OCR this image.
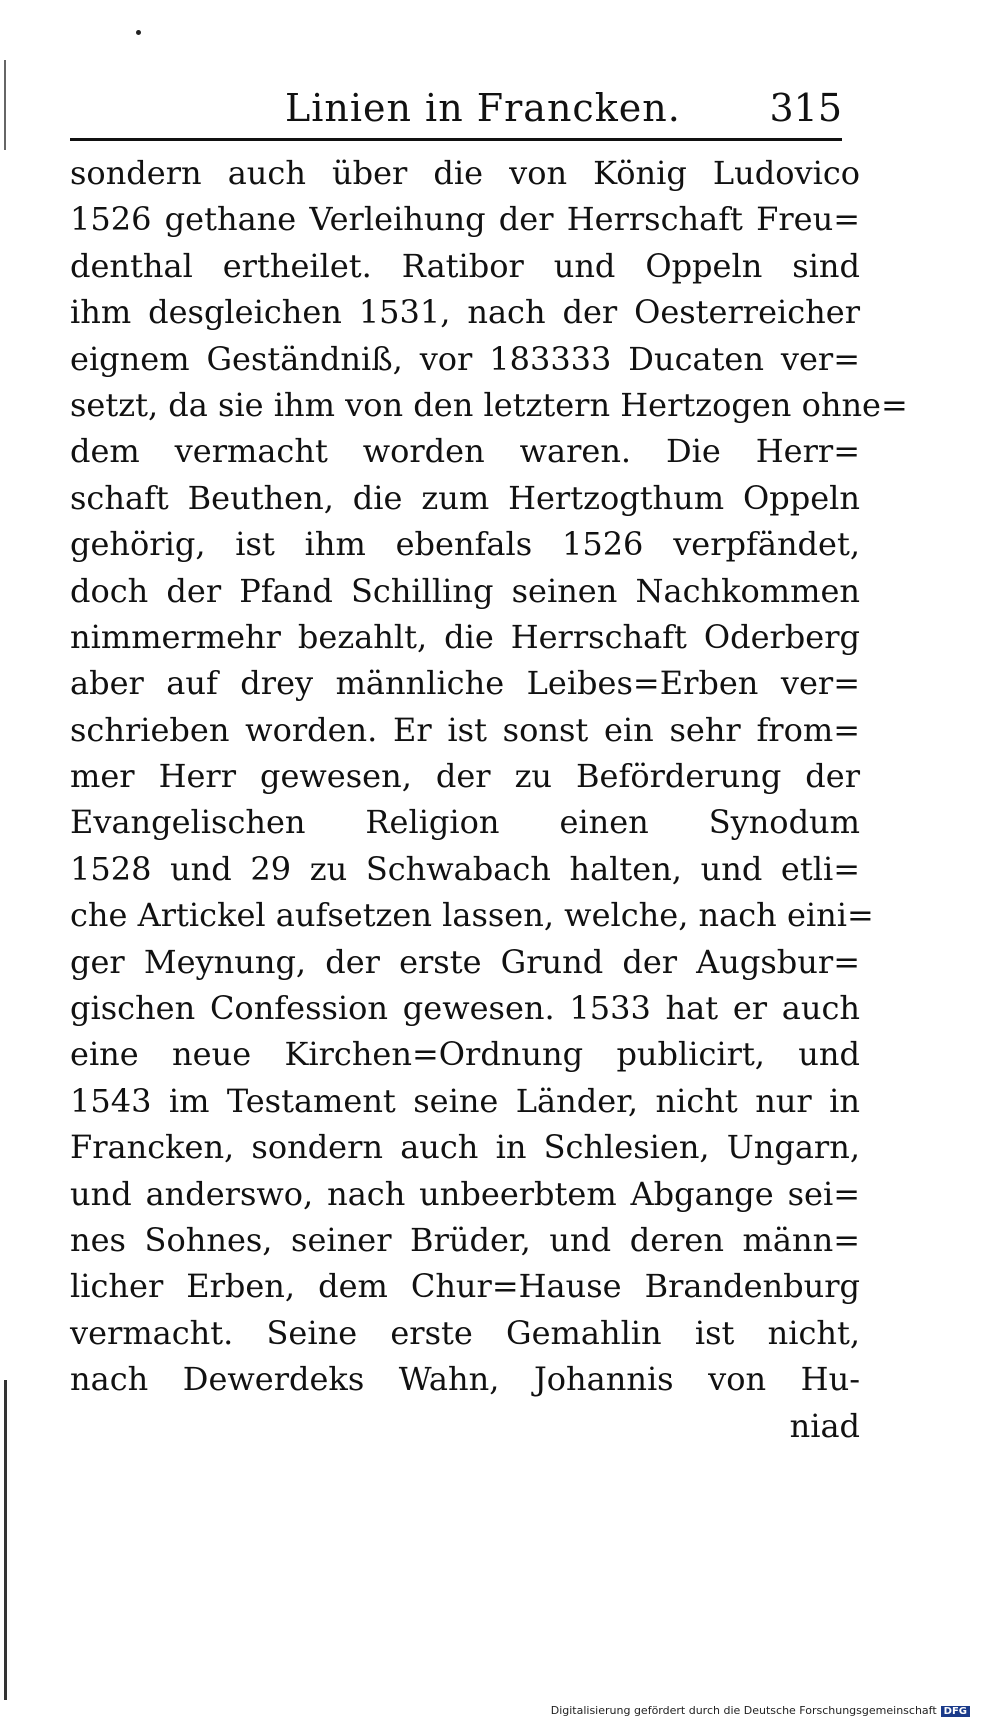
Linien in Francken. 315
sondern auch über die von König Ludovico
1526 gethane Verleihung der Herrschaft Freu=
denthal ertheilet. Ratibor und Oppeln sind
ihm desgleichen 1531, nach der Oesterreicher
eignem Geständniß, vor 183333 Ducaten ver=
setzt, da sie ihm von den letztern Hertzogen ohne=
dem vermacht worden waren. Die Herr=
schaft Beuthen, die zum Hertzogthum Oppeln
gehörig, ist ihm ebenfals 1526 verpfändet,
doch der Pfand Schilling seinen Nachkommen
nimmermehr bezahlt, die Herrschaft Oderberg
aber auf drey männliche Leibes=Erben ver=
schrieben worden. Er ist sonst ein sehr from=
mer Herr gewesen, der zu Beförderung der
Evangelischen Religion einen Synodum
1528 und 29 zu Schwabach halten, und etli=
che Artickel aufsetzen lassen, welche, nach eini=
ger Meynung, der erste Grund der Augsbur=
gischen Confession gewesen. 1533 hat er auch
eine neue Kirchen=Ordnung publicirt, und
1543 im Testament seine Länder, nicht nur in
Francken, sondern auch in Schlesien, Ungarn,
und anderswo, nach unbeerbtem Abgange sei=
nes Sohnes, seiner Brüder, und deren männ=
licher Erben, dem Chur=Hause Brandenburg
vermacht. Seine erste Gemahlin ist nicht,
nach Dewerdeks Wahn, Johannis von Hu-
niad
Digitalisierung gefördert durch die Deutsche Forschungsgemeinschaft DFG
